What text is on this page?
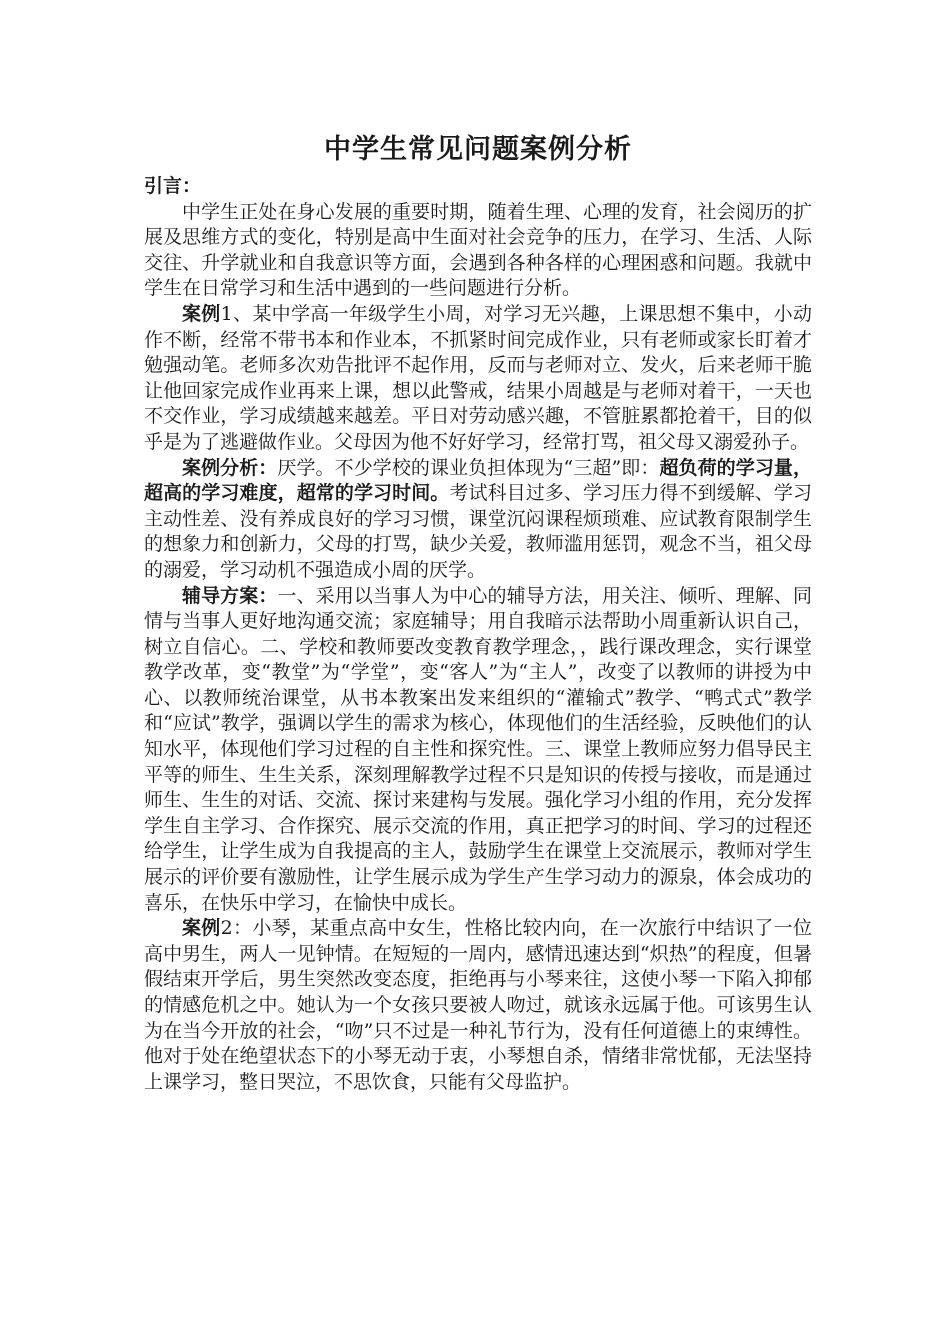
中学生常见问题案例分析

引言：

中学生正处在身心发展的重要时期，随着生理、心理的发育，社会阅历的扩展及思维方式的变化，特别是高中生面对社会竞争的压力，在学习、生活、人际交往、升学就业和自我意识等方面，会遇到各种各样的心理困惑和问题。我就中学生在日常学习和生活中遇到的一些问题进行分析。

案例1、某中学高一年级学生小周，对学习无兴趣，上课思想不集中，小动作不断，经常不带书本和作业本，不抓紧时间完成作业，只有老师或家长盯着才勉强动笔。老师多次劝告批评不起作用，反而与老师对立、发火，后来老师干脆让他回家完成作业再来上课，想以此警戒，结果小周越是与老师对着干，一天也不交作业，学习成绩越来越差。平日对劳动感兴趣，不管脏累都抢着干，目的似乎是为了逃避做作业。父母因为他不好好学习，经常打骂，祖父母又溺爱孙子。

案例分析：厌学。不少学校的课业负担体现为“三超”即：超负荷的学习量，超高的学习难度，超常的学习时间。考试科目过多、学习压力得不到缓解、学习主动性差、没有养成良好的学习习惯，课堂沉闷课程烦琐难、应试教育限制学生的想象力和创新力，父母的打骂，缺少关爱，教师滥用惩罚，观念不当，祖父母的溺爱，学习动机不强造成小周的厌学。

辅导方案：一、采用以当事人为中心的辅导方法，用关注、倾听、理解、同情与当事人更好地沟通交流；家庭辅导；用自我暗示法帮助小周重新认识自己，树立自信心。二、学校和教师要改变教育教学理念，，践行课改理念，实行课堂教学改革，变“教堂”为“学堂”，变“客人”为“主人”，改变了以教师的讲授为中心、以教师统治课堂，从书本教案出发来组织的“灌输式”教学、“鸭式式”教学和“应试”教学，强调以学生的需求为核心，体现他们的生活经验，反映他们的认知水平，体现他们学习过程的自主性和探究性。三、课堂上教师应努力倡导民主平等的师生、生生关系，深刻理解教学过程不只是知识的传授与接收，而是通过师生、生生的对话、交流、探讨来建构与发展。强化学习小组的作用，充分发挥学生自主学习、合作探究、展示交流的作用，真正把学习的时间、学习的过程还给学生，让学生成为自我提高的主人，鼓励学生在课堂上交流展示，教师对学生展示的评价要有激励性，让学生展示成为学生产生学习动力的源泉，体会成功的喜乐，在快乐中学习，在愉快中成长。

案例2：小琴，某重点高中女生，性格比较内向，在一次旅行中结识了一位高中男生，两人一见钟情。在短短的一周内，感情迅速达到“炽热”的程度，但暑假结束开学后，男生突然改变态度，拒绝再与小琴来往，这使小琴一下陷入抑郁的情感危机之中。她认为一个女孩只要被人吻过，就该永远属于他。可该男生认为在当今开放的社会，“吻”只不过是一种礼节行为，没有任何道德上的束缚性。他对于处在绝望状态下的小琴无动于衷，小琴想自杀，情绪非常忧郁，无法坚持上课学习，整日哭泣，不思饮食，只能有父母监护。
